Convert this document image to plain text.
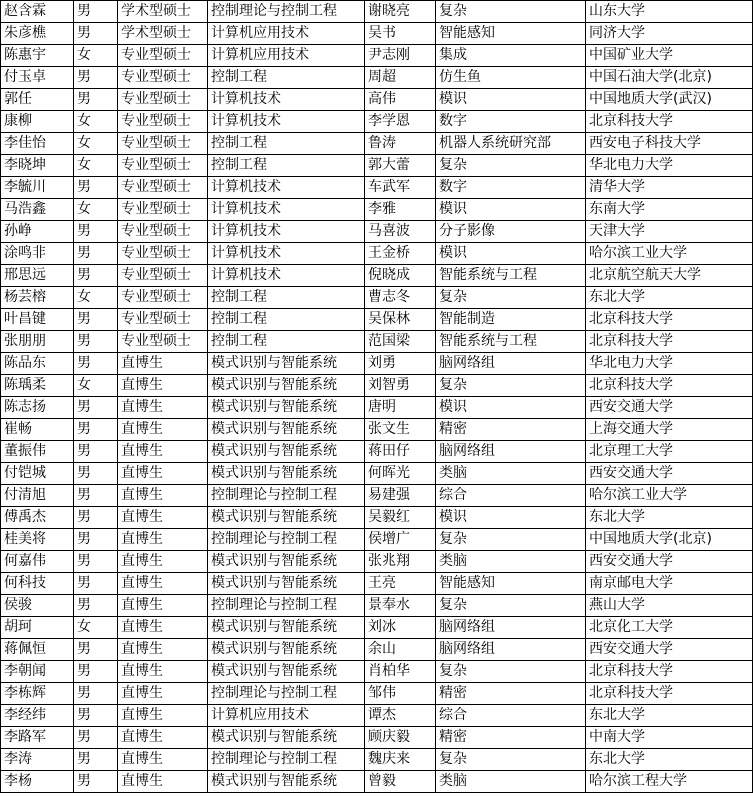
赵含霖	男	学术型硕士	控制理论与控制工程	谢晓亮	复杂	山东大学
朱彦樵	男	学术型硕士	计算机应用技术	吴书	智能感知	同济大学
陈惠宇	女	专业型硕士	计算机应用技术	尹志刚	集成	中国矿业大学
付玉卓	男	专业型硕士	控制工程	周超	仿生鱼	中国石油大学(北京)
郭任	男	专业型硕士	计算机技术	高伟	模识	中国地质大学(武汉)
康柳	女	专业型硕士	计算机技术	李学恩	数字	北京科技大学
李佳怡	女	专业型硕士	控制工程	鲁涛	机器人系统研究部	西安电子科技大学
李晓坤	女	专业型硕士	控制工程	郭大蕾	复杂	华北电力大学
李毓川	男	专业型硕士	计算机技术	车武军	数字	清华大学
马浩鑫	女	专业型硕士	计算机技术	李雅	模识	东南大学
孙峥	男	专业型硕士	计算机技术	马喜波	分子影像	天津大学
涂鸣非	男	专业型硕士	计算机技术	王金桥	模识	哈尔滨工业大学
邢思远	男	专业型硕士	计算机技术	倪晓成	智能系统与工程	北京航空航天大学
杨芸榕	女	专业型硕士	控制工程	曹志冬	复杂	东北大学
叶昌键	男	专业型硕士	控制工程	吴保林	智能制造	北京科技大学
张朋朋	男	专业型硕士	控制工程	范国梁	智能系统与工程	北京科技大学
陈品东	男	直博生	模式识别与智能系统	刘勇	脑网络组	华北电力大学
陈瑀柔	女	直博生	模式识别与智能系统	刘智勇	复杂	北京科技大学
陈志扬	男	直博生	模式识别与智能系统	唐明	模识	西安交通大学
崔畅	男	直博生	模式识别与智能系统	张文生	精密	上海交通大学
董振伟	男	直博生	模式识别与智能系统	蒋田仔	脑网络组	北京理工大学
付铠城	男	直博生	模式识别与智能系统	何晖光	类脑	西安交通大学
付清旭	男	直博生	控制理论与控制工程	易建强	综合	哈尔滨工业大学
傅禹杰	男	直博生	模式识别与智能系统	吴毅红	模识	东北大学
桂美将	男	直博生	控制理论与控制工程	侯增广	复杂	中国地质大学(北京)
何嘉伟	男	直博生	模式识别与智能系统	张兆翔	类脑	西安交通大学
何科技	男	直博生	模式识别与智能系统	王亮	智能感知	南京邮电大学
侯骏	男	直博生	控制理论与控制工程	景奉水	复杂	燕山大学
胡珂	女	直博生	模式识别与智能系统	刘冰	脑网络组	北京化工大学
蒋佩恒	男	直博生	模式识别与智能系统	余山	脑网络组	西安交通大学
李朝闻	男	直博生	模式识别与智能系统	肖柏华	复杂	北京科技大学
李栋辉	男	直博生	控制理论与控制工程	邹伟	精密	北京科技大学
李经纬	男	直博生	计算机应用技术	谭杰	综合	东北大学
李路军	男	直博生	模式识别与智能系统	顾庆毅	精密	中南大学
李涛	男	直博生	控制理论与控制工程	魏庆来	复杂	东北大学
李杨	男	直博生	模式识别与智能系统	曾毅	类脑	哈尔滨工程大学
